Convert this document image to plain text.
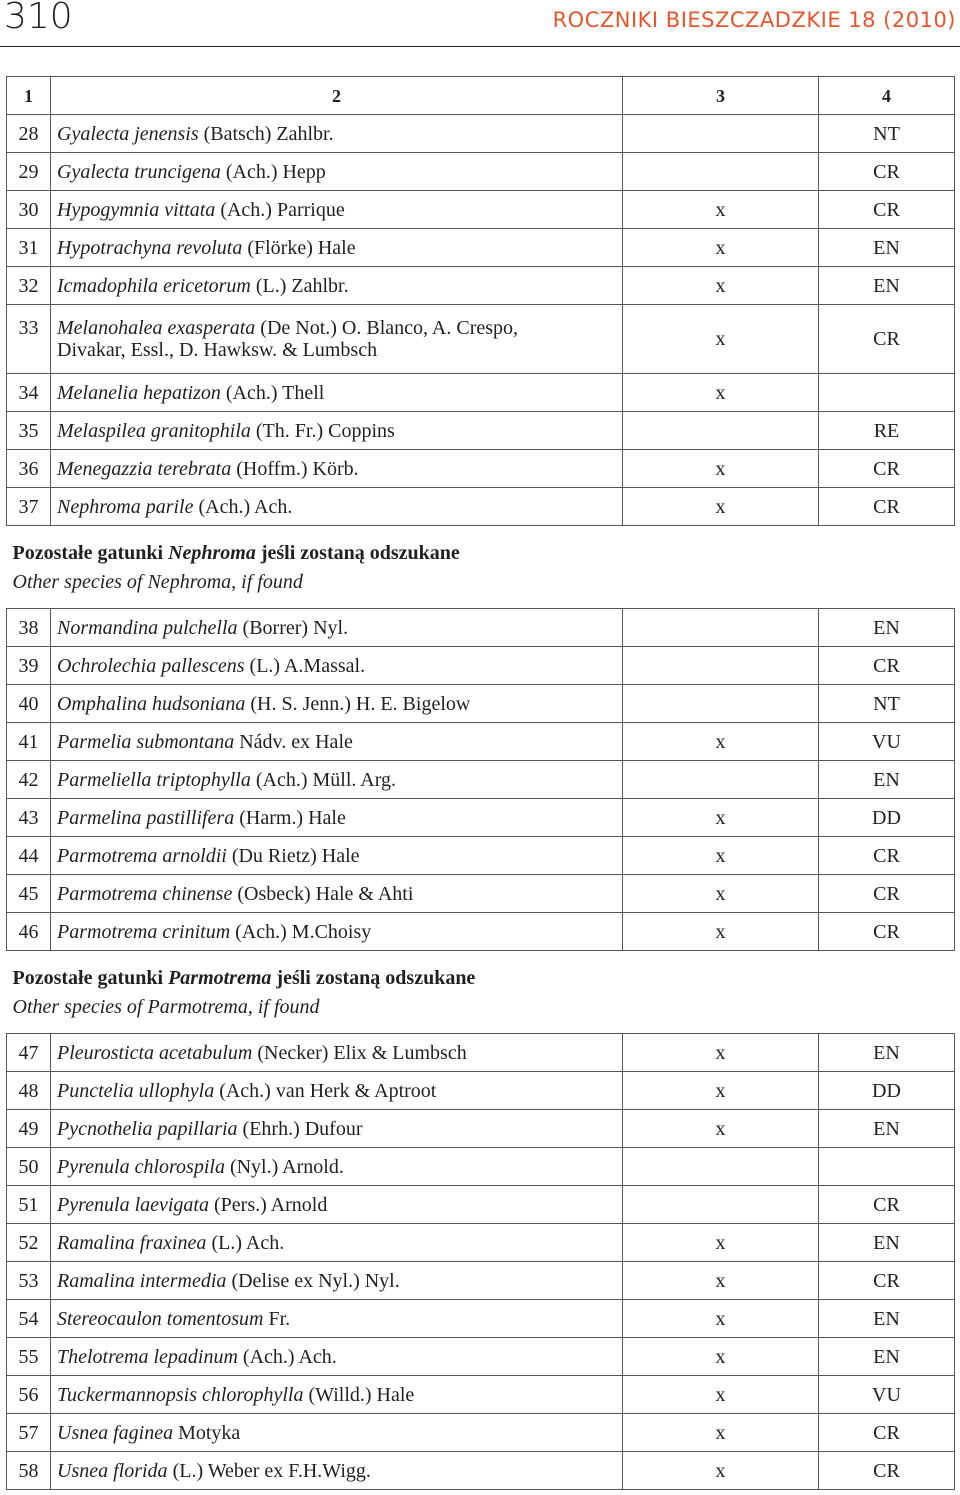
310	ROCZNIKI BIESZCZADZKIE 18 (2010)
1	2	3	4
28	Gyalecta jenensis (Batsch) Zahlbr.		NT
29	Gyalecta truncigena (Ach.) Hepp		CR
30	Hypogymnia vittata (Ach.) Parrique	x	CR
31	Hypotrachyna revoluta (Flörke) Hale	x	EN
32	Icmadophila ericetorum (L.) Zahlbr.	x	EN
33	Melanohalea exasperata (De Not.) O. Blanco, A. Crespo,
Divakar, Essl., D. Hawksw. & Lumbsch	x	CR
34	Melanelia hepatizon (Ach.) Thell	x	
35	Melaspilea granitophila (Th. Fr.) Coppins		RE
36	Menegazzia terebrata (Hoffm.) Körb.	x	CR
37	Nephroma parile (Ach.) Ach.	x	CR

Pozostałe gatunki Nephroma jeśli zostaną odszukane
Other species of Nephroma, if found			

38	Normandina pulchella (Borrer) Nyl.		EN
39	Ochrolechia pallescens (L.) A.Massal.		CR
40	Omphalina hudsoniana (H. S. Jenn.) H. E. Bigelow		NT
41	Parmelia submontana Nádv. ex Hale	x	VU
42	Parmeliella triptophylla (Ach.) Müll. Arg.		EN
43	Parmelina pastillifera (Harm.) Hale	x	DD
44	Parmotrema arnoldii (Du Rietz) Hale	x	CR
45	Parmotrema chinense (Osbeck) Hale & Ahti	x	CR
46	Parmotrema crinitum (Ach.) M.Choisy	x	CR

Pozostałe gatunki Parmotrema jeśli zostaną odszukane
Other species of Parmotrema, if found			

47	Pleurosticta acetabulum (Necker) Elix & Lumbsch	x	EN
48	Punctelia ullophyla (Ach.) van Herk & Aptroot	x	DD
49	Pycnothelia papillaria (Ehrh.) Dufour	x	EN
50	Pyrenula chlorospila (Nyl.) Arnold.		
51	Pyrenula laevigata (Pers.) Arnold		CR
52	Ramalina fraxinea (L.) Ach.	x	EN
53	Ramalina intermedia (Delise ex Nyl.) Nyl.	x	CR
54	Stereocaulon tomentosum Fr.	x	EN
55	Thelotrema lepadinum (Ach.) Ach.	x	EN
56	Tuckermannopsis chlorophylla (Willd.) Hale	x	VU
57	Usnea faginea Motyka	x	CR
58	Usnea florida (L.) Weber ex F.H.Wigg.	x	CR
